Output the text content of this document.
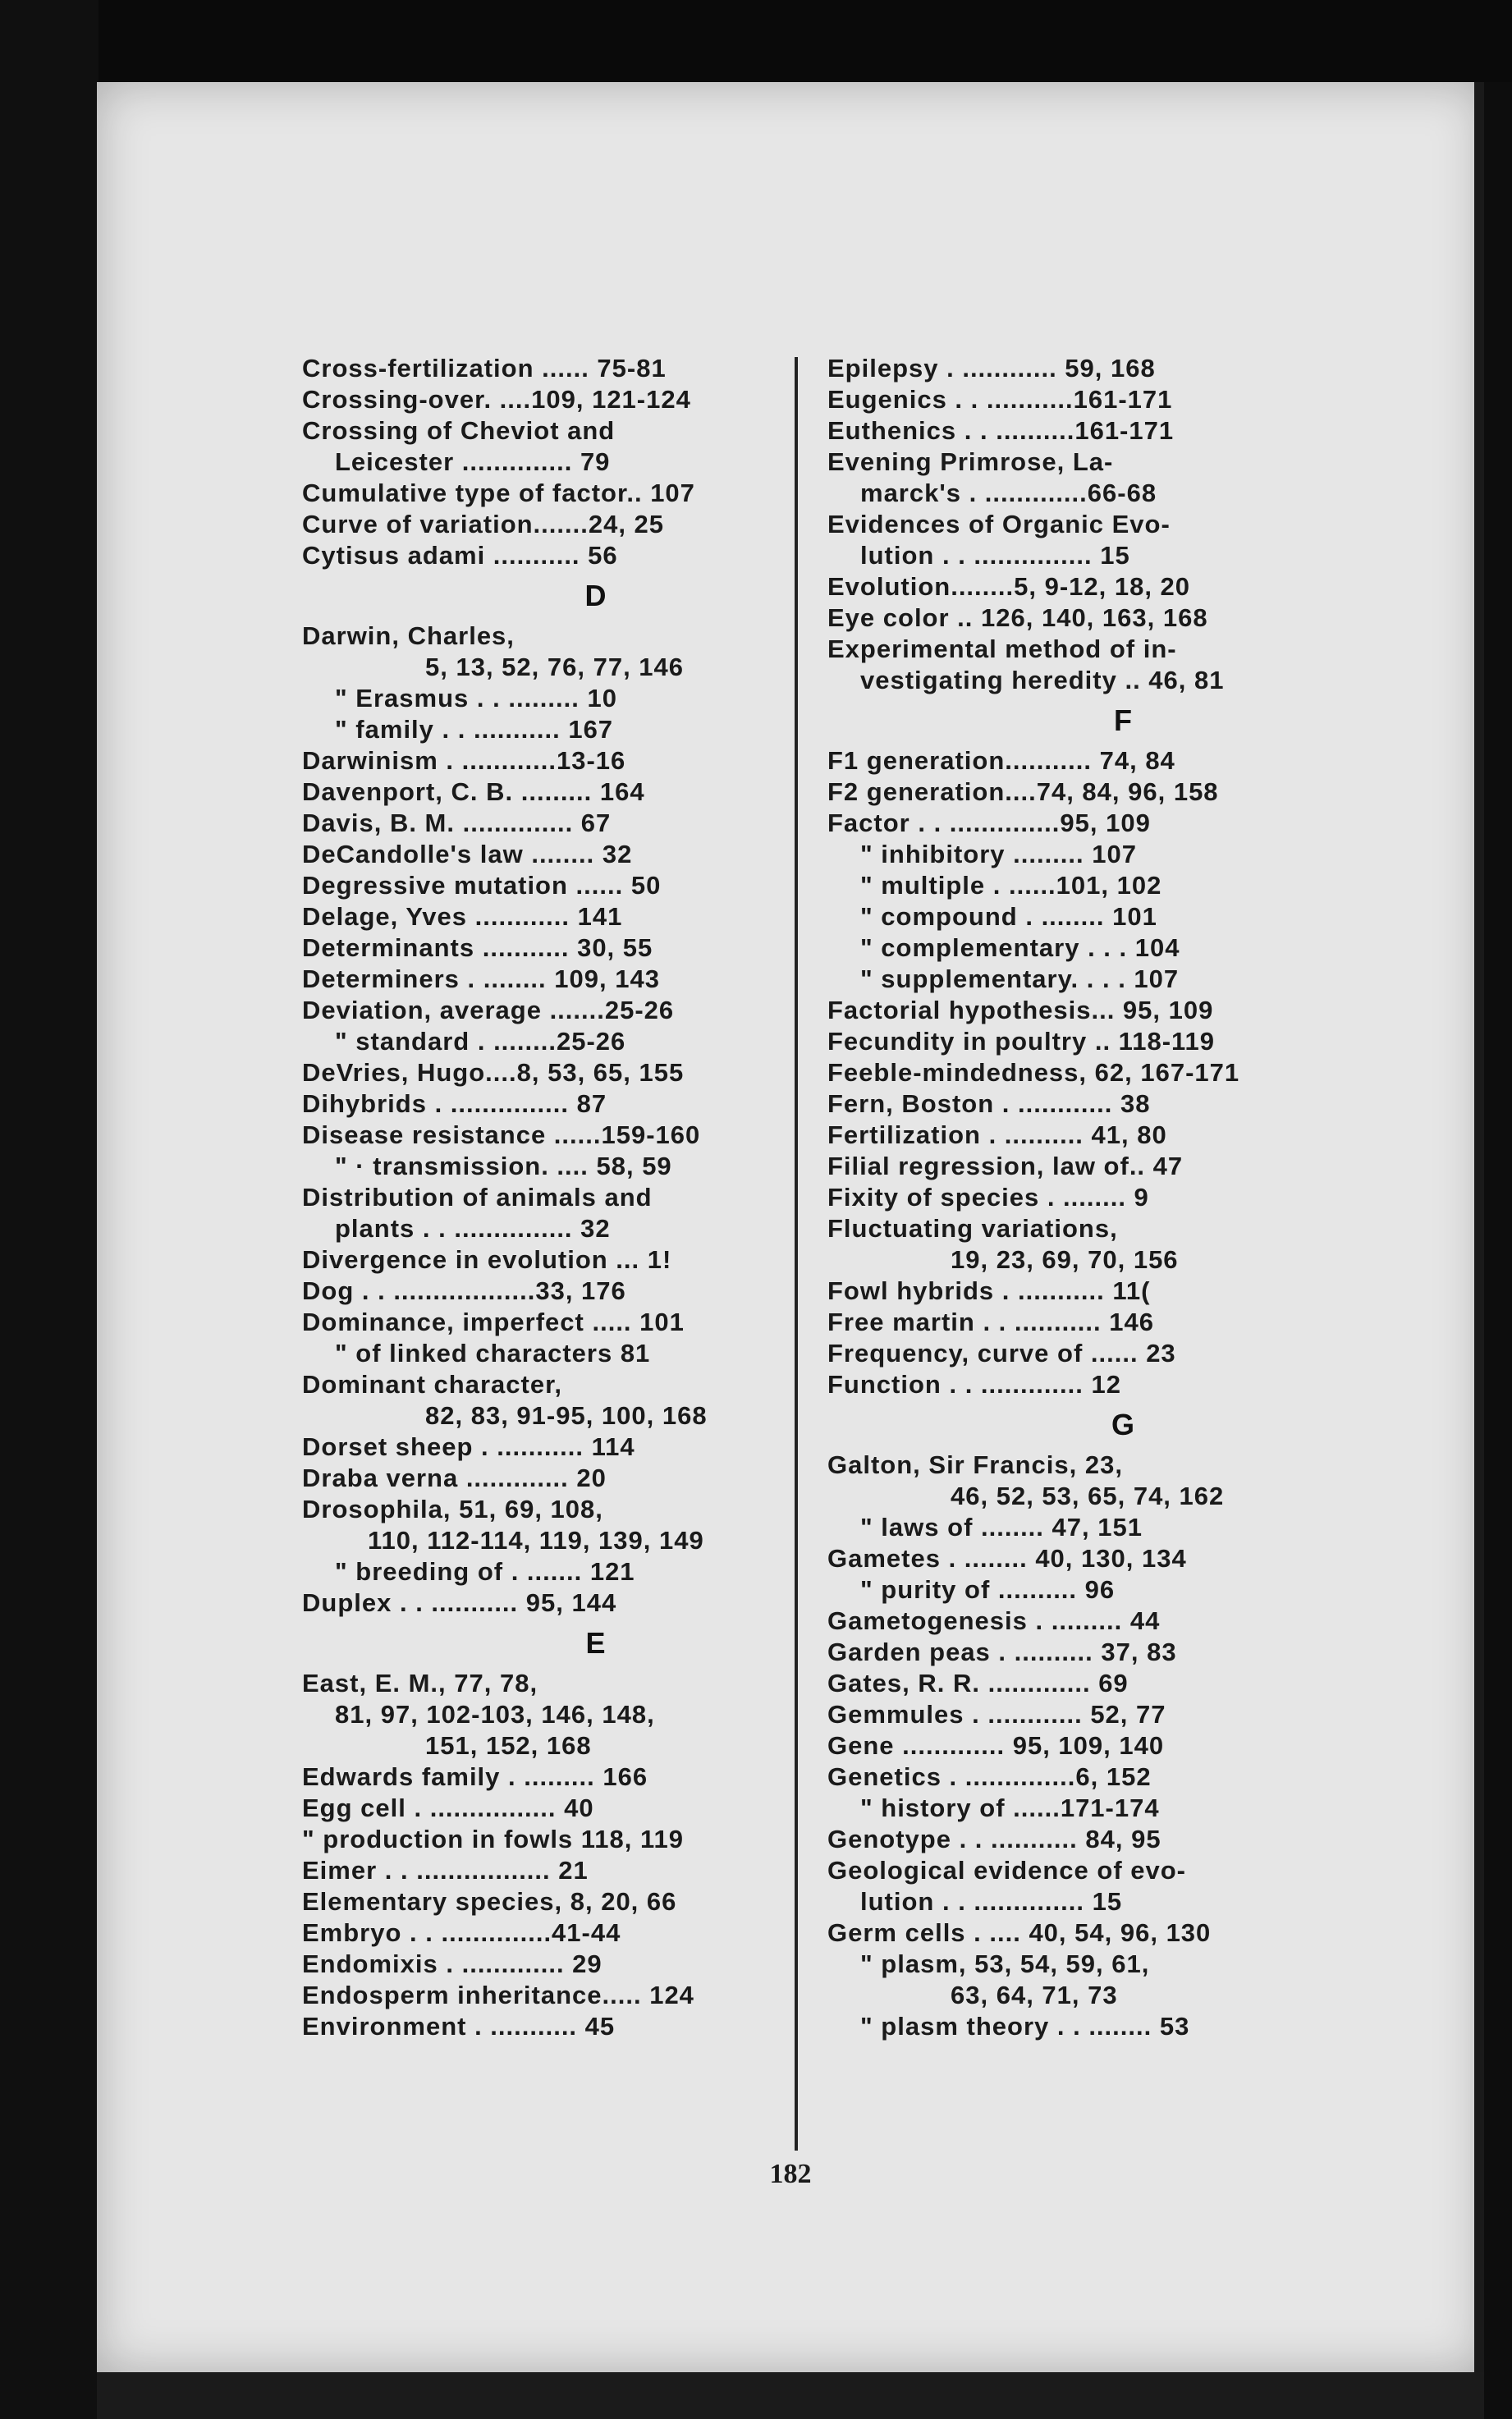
Cross-fertilization ...... 75-81
Crossing-over. ....109, 121-124
Crossing of Cheviot and
Leicester .............. 79
Cumulative type of factor.. 107
Curve of variation.......24, 25
Cytisus adami ........... 56
D
Darwin, Charles,
5, 13, 52, 76, 77, 146
" Erasmus . . ......... 10
" family . . ........... 167
Darwinism . ............13-16
Davenport, C. B. ......... 164
Davis, B. M. .............. 67
DeCandolle's law ........ 32
Degressive mutation ...... 50
Delage, Yves ............ 141
Determinants ........... 30, 55
Determiners . ........ 109, 143
Deviation, average .......25-26
" standard . ........25-26
DeVries, Hugo....8, 53, 65, 155
Dihybrids . ............... 87
Disease resistance ......159-160
" · transmission. .... 58, 59
Distribution of animals and
plants . . ............... 32
Divergence in evolution ... 1!
Dog . . ..................33, 176
Dominance, imperfect ..... 101
" of linked characters 81
Dominant character,
82, 83, 91-95, 100, 168
Dorset sheep . ........... 114
Draba verna ............. 20
Drosophila, 51, 69, 108,
110, 112-114, 119, 139, 149
" breeding of . ....... 121
Duplex . . ........... 95, 144
E
East, E. M., 77, 78,
81, 97, 102-103, 146, 148,
151, 152, 168
Edwards family . ......... 166
Egg cell . ................ 40
" production in fowls 118, 119
Eimer . . ................. 21
Elementary species, 8, 20, 66
Embryo . . ..............41-44
Endomixis . ............. 29
Endosperm inheritance..... 124
Environment . ........... 45
Epilepsy . ............ 59, 168
Eugenics . . ...........161-171
Euthenics . . ..........161-171
Evening Primrose, La-
marck's . .............66-68
Evidences of Organic Evo-
lution . . ............... 15
Evolution........5, 9-12, 18, 20
Eye color .. 126, 140, 163, 168
Experimental method of in-
vestigating heredity .. 46, 81
F
F1 generation........... 74, 84
F2 generation....74, 84, 96, 158
Factor . . ..............95, 109
" inhibitory ......... 107
" multiple . ......101, 102
" compound . ........ 101
" complementary . . . 104
" supplementary. . . . 107
Factorial hypothesis... 95, 109
Fecundity in poultry .. 118-119
Feeble-mindedness, 62, 167-171
Fern, Boston . ............ 38
Fertilization . .......... 41, 80
Filial regression, law of.. 47
Fixity of species . ........ 9
Fluctuating variations,
19, 23, 69, 70, 156
Fowl hybrids . ........... 11(
Free martin . . ........... 146
Frequency, curve of ...... 23
Function . . ............. 12
G
Galton, Sir Francis, 23,
46, 52, 53, 65, 74, 162
" laws of ........ 47, 151
Gametes . ........ 40, 130, 134
" purity of .......... 96
Gametogenesis . ......... 44
Garden peas . .......... 37, 83
Gates, R. R. ............. 69
Gemmules . ............ 52, 77
Gene ............. 95, 109, 140
Genetics . ..............6, 152
" history of ......171-174
Genotype . . ........... 84, 95
Geological evidence of evo-
lution . . .............. 15
Germ cells . .... 40, 54, 96, 130
" plasm, 53, 54, 59, 61,
63, 64, 71, 73
" plasm theory . . ........ 53
182
